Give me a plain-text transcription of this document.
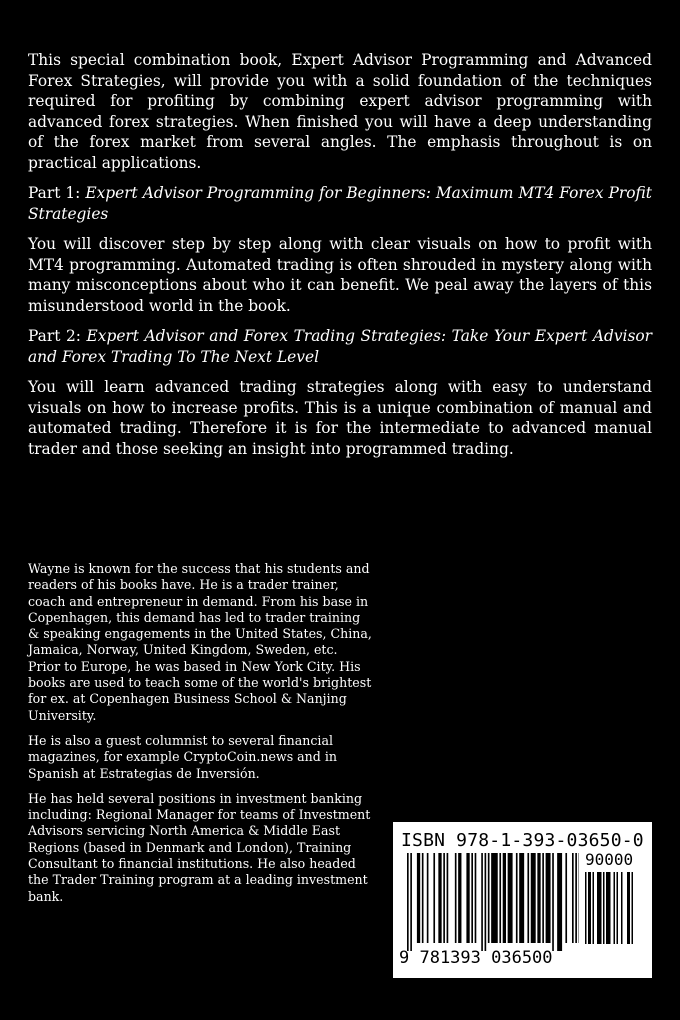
This special combination book, Expert Advisor Programming and Advanced Forex Strategies, will provide you with a solid foundation of the techniques required for profiting by combining expert advisor programming with advanced forex strategies. When finished you will have a deep understanding of the forex market from several angles. The emphasis throughout is on practical applications.

Part 1: Expert Advisor Programming for Beginners: Maximum MT4 Forex Profit Strategies

You will discover step by step along with clear visuals on how to profit with MT4 programming. Automated trading is often shrouded in mystery along with many misconceptions about who it can benefit. We peal away the layers of this misunderstood world in the book.

Part 2: Expert Advisor and Forex Trading Strategies: Take Your Expert Advisor and Forex Trading To The Next Level

You will learn advanced trading strategies along with easy to understand visuals on how to increase profits. This is a unique combination of manual and automated trading. Therefore it is for the intermediate to advanced manual trader and those seeking an insight into programmed trading.

Wayne is known for the success that his students and readers of his books have. He is a trader trainer, coach and entrepreneur in demand. From his base in Copenhagen, this demand has led to trader training & speaking engagements in the United States, China, Jamaica, Norway, United Kingdom, Sweden, etc. Prior to Europe, he was based in New York City. His books are used to teach some of the world's brightest for ex. at Copenhagen Business School & Nanjing University.

He is also a guest columnist to several financial magazines, for example CryptoCoin.news and in Spanish at Estrategias de Inversión.

He has held several positions in investment banking including: Regional Manager for teams of Investment Advisors servicing North America & Middle East Regions (based in Denmark and London), Training Consultant to financial institutions. He also headed the Trader Training program at a leading investment bank.

ISBN 978-1-393-03650-0
90000
9 781393 036500
